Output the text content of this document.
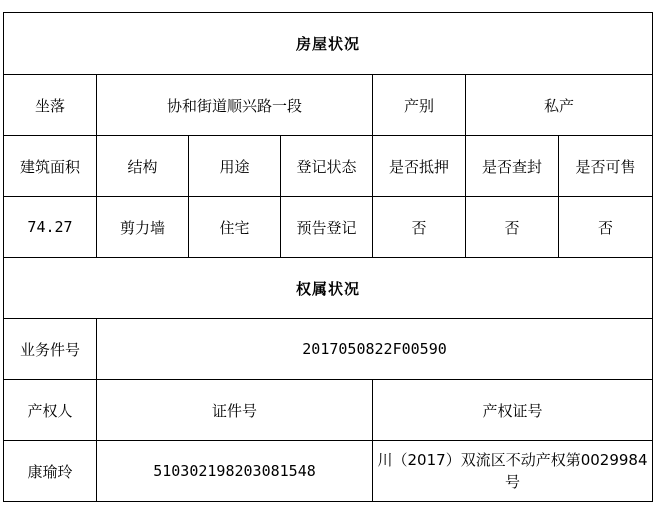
房屋状况						
坐落	协和街道顺兴路一段			产别	私产	
建筑面积	结构	用途	登记状态	是否抵押	是否查封	是否可售
74.27	剪力墙	住宅	预告登记	否	否	否
权属状况						
业务件号	2017050822F00590					
产权人	证件号			产权证号		
康瑜玲	510302198203081548			川（2017）双流区不动产权第0029984号		
